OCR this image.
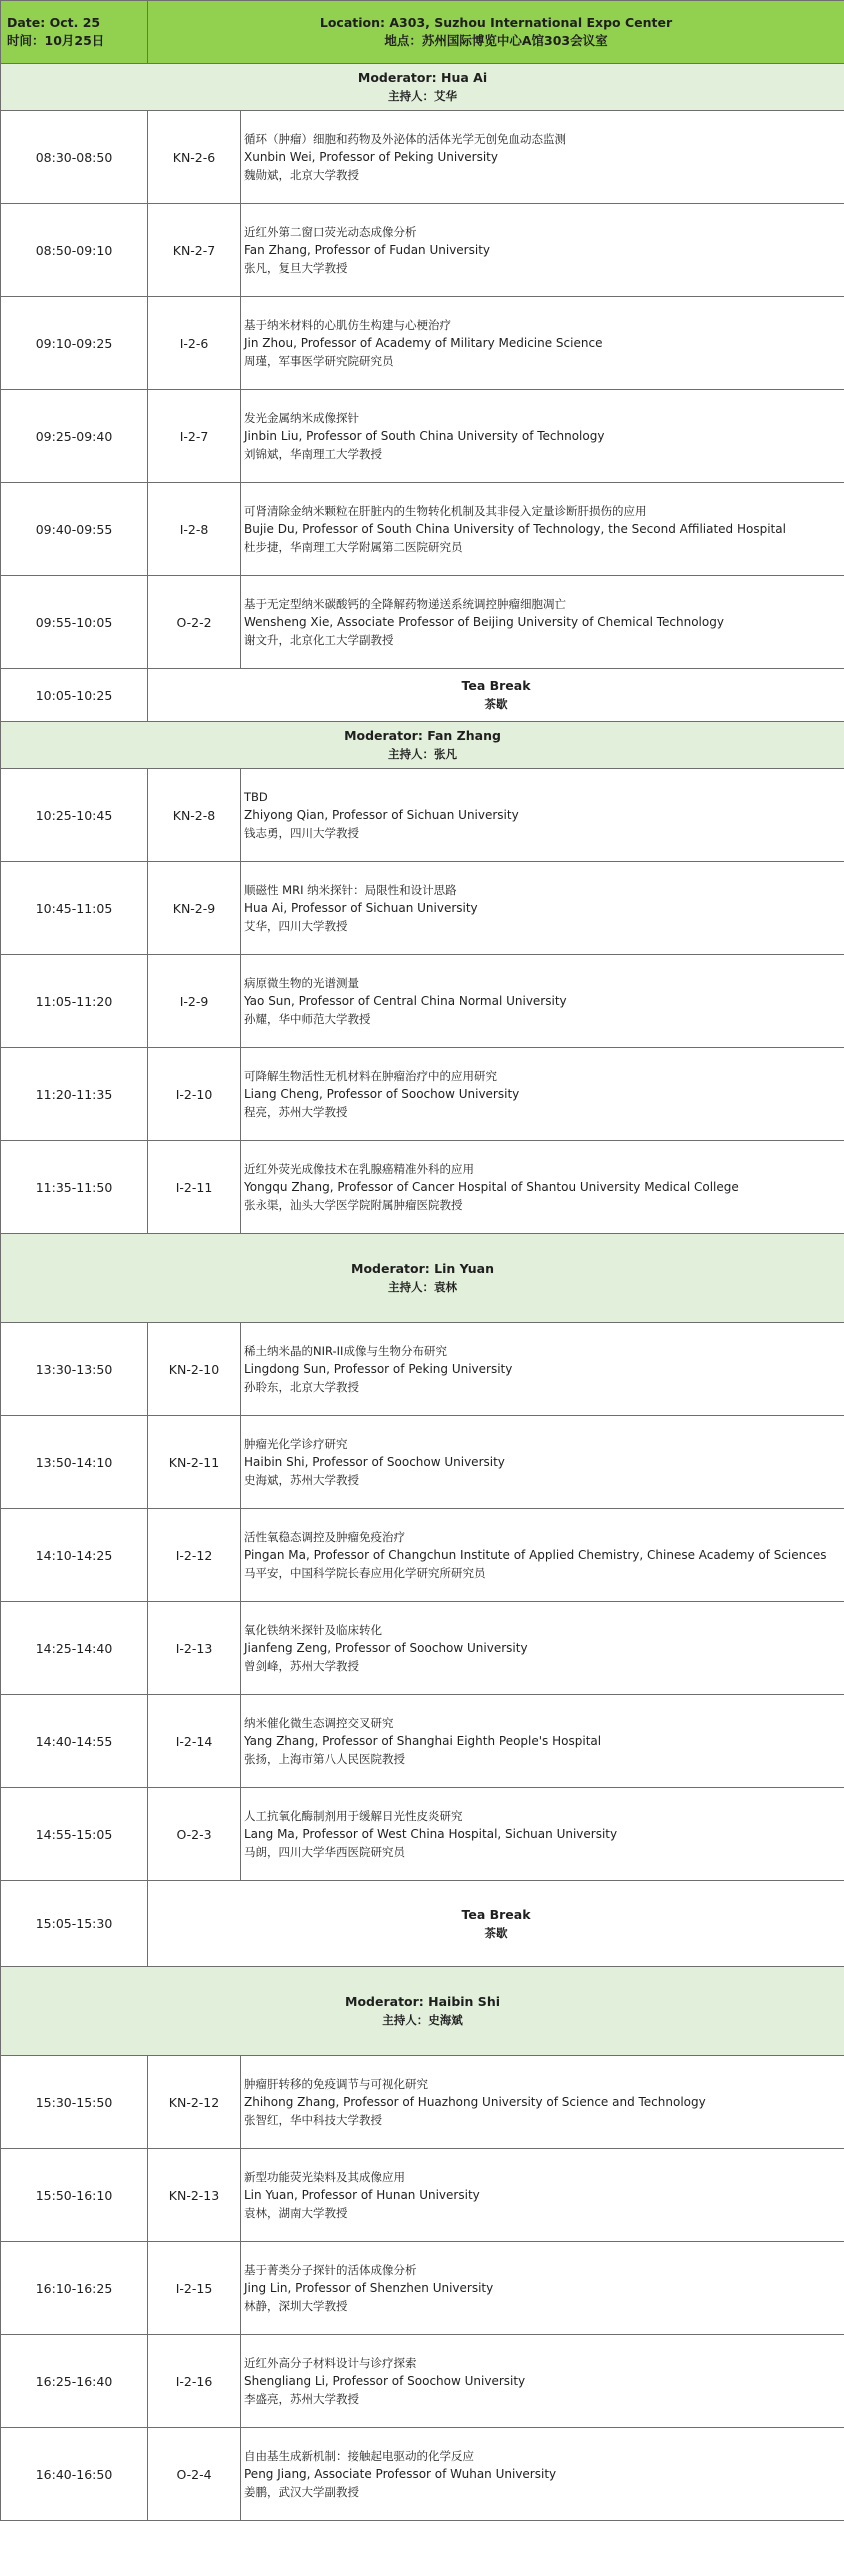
Date: Oct. 25
时间：10月25日	Location: A303, Suzhou International Expo Center
地点：苏州国际博览中心A馆303会议室	

Moderator: Hua Ai
主持人：艾华		

08:30-08:50	KN-2-6	循环（肿瘤）细胞和药物及外泌体的活体光学无创免血动态监测
Xunbin Wei, Professor of Peking University
魏勋斌，北京大学教授

08:50-09:10	KN-2-7	近红外第二窗口荧光动态成像分析
Fan Zhang, Professor of Fudan University
张凡，复旦大学教授

09:10-09:25	I-2-6	基于纳米材料的心肌仿生构建与心梗治疗
Jin Zhou, Professor of Academy of Military Medicine Science
周瑾，军事医学研究院研究员

09:25-09:40	I-2-7	发光金属纳米成像探针
Jinbin Liu, Professor of South China University of Technology
刘锦斌，华南理工大学教授

09:40-09:55	I-2-8	可肾清除金纳米颗粒在肝脏内的生物转化机制及其非侵入定量诊断肝损伤的应用
Bujie Du, Professor of South China University of Technology, the Second Affiliated Hospital
杜步捷，华南理工大学附属第二医院研究员

09:55-10:05	O-2-2	基于无定型纳米碳酸钙的全降解药物递送系统调控肿瘤细胞凋亡
Wensheng Xie, Associate Professor of Beijing University of Chemical Technology
谢文升，北京化工大学副教授

10:05-10:25	Tea Break
茶歇	

Moderator: Fan Zhang
主持人：张凡		

10:25-10:45	KN-2-8	TBD
Zhiyong Qian, Professor of Sichuan University
钱志勇，四川大学教授

10:45-11:05	KN-2-9	顺磁性 MRI 纳米探针：局限性和设计思路
Hua Ai, Professor of Sichuan University
艾华，四川大学教授

11:05-11:20	I-2-9	病原微生物的光谱测量
Yao Sun, Professor of Central China Normal University
孙耀，华中师范大学教授

11:20-11:35	I-2-10	可降解生物活性无机材料在肿瘤治疗中的应用研究
Liang Cheng, Professor of Soochow University
程亮，苏州大学教授

11:35-11:50	I-2-11	近红外荧光成像技术在乳腺癌精准外科的应用
Yongqu Zhang, Professor of Cancer Hospital of Shantou University Medical College
张永渠，汕头大学医学院附属肿瘤医院教授

Moderator: Lin Yuan
主持人：袁林		

13:30-13:50	KN-2-10	稀土纳米晶的NIR-II成像与生物分布研究
Lingdong Sun, Professor of Peking University
孙聆东，北京大学教授

13:50-14:10	KN-2-11	肿瘤光化学诊疗研究
Haibin Shi, Professor of Soochow University
史海斌，苏州大学教授

14:10-14:25	I-2-12	活性氧稳态调控及肿瘤免疫治疗
Pingan Ma, Professor of Changchun Institute of Applied Chemistry, Chinese Academy of Sciences
马平安，中国科学院长春应用化学研究所研究员

14:25-14:40	I-2-13	氧化铁纳米探针及临床转化
Jianfeng Zeng, Professor of Soochow University
曾剑峰，苏州大学教授

14:40-14:55	I-2-14	纳米催化微生态调控交叉研究
Yang Zhang, Professor of Shanghai Eighth People's Hospital
张扬，上海市第八人民医院教授

14:55-15:05	O-2-3	人工抗氧化酶制剂用于缓解日光性皮炎研究
Lang Ma, Professor of West China Hospital, Sichuan University
马朗，四川大学华西医院研究员

15:05-15:30	Tea Break
茶歇	

Moderator: Haibin Shi
主持人：史海斌		

15:30-15:50	KN-2-12	肿瘤肝转移的免疫调节与可视化研究
Zhihong Zhang, Professor of Huazhong University of Science and Technology
张智红，华中科技大学教授

15:50-16:10	KN-2-13	新型功能荧光染料及其成像应用
Lin Yuan, Professor of Hunan University
袁林，湖南大学教授

16:10-16:25	I-2-15	基于菁类分子探针的活体成像分析
Jing Lin, Professor of Shenzhen University
林静，深圳大学教授

16:25-16:40	I-2-16	近红外高分子材料设计与诊疗探索
Shengliang Li, Professor of Soochow University
李盛亮，苏州大学教授

16:40-16:50	O-2-4	自由基生成新机制：接触起电驱动的化学反应
Peng Jiang, Associate Professor of Wuhan University
姜鹏，武汉大学副教授
